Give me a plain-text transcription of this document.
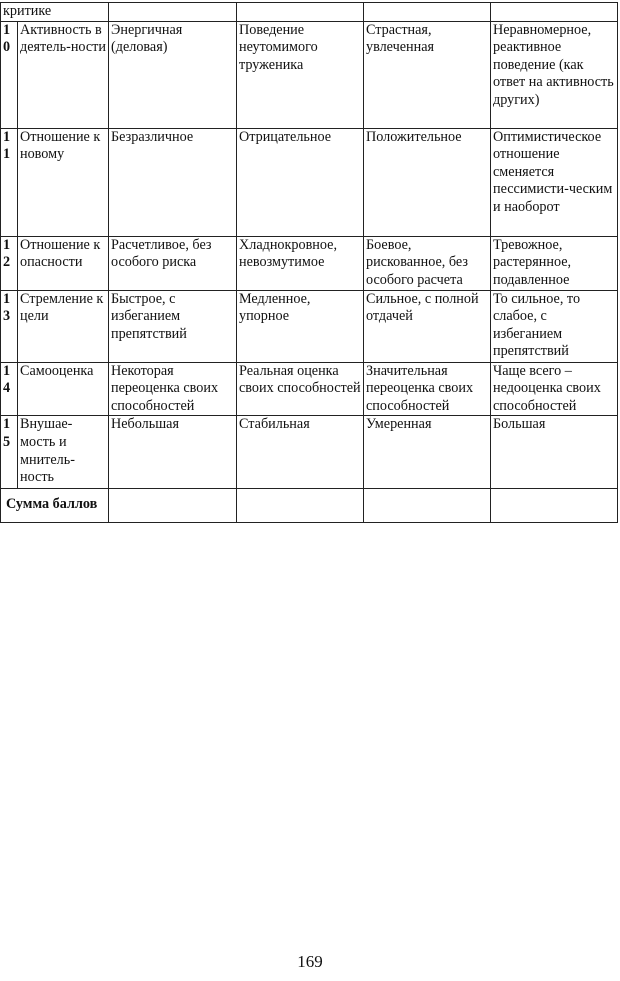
критике					
10	Активность в деятель-ности	Энергичная (деловая)	Поведение неутомимого труженика	Страстная, увлеченная	Неравномерное, реактивное поведение (как ответ на активность других)
11	Отношение к новому	Безразличное	Отрицательное	Положительное	Оптимистическое отношение сменяется пессимисти-ческим и наоборот
12	Отношение к опасности	Расчетливое, без особого риска	Хладнокровное, невозмутимое	Боевое, рискованное, без особого расчета	Тревожное, растерянное, подавленное
13	Стремление к цели	Быстрое, с избеганием препятствий	Медленное, упорное	Сильное, с полной отдачей	То сильное, то слабое, с избеганием препятствий
14	Самооценка	Некоторая переоценка своих способностей	Реальная оценка своих способностей	Значительная переоценка своих способностей	Чаще всего – недооценка своих способностей
15	Внушае-мость и мнитель-ность	Небольшая	Стабильная	Умеренная	Большая
Сумма баллов					
169
